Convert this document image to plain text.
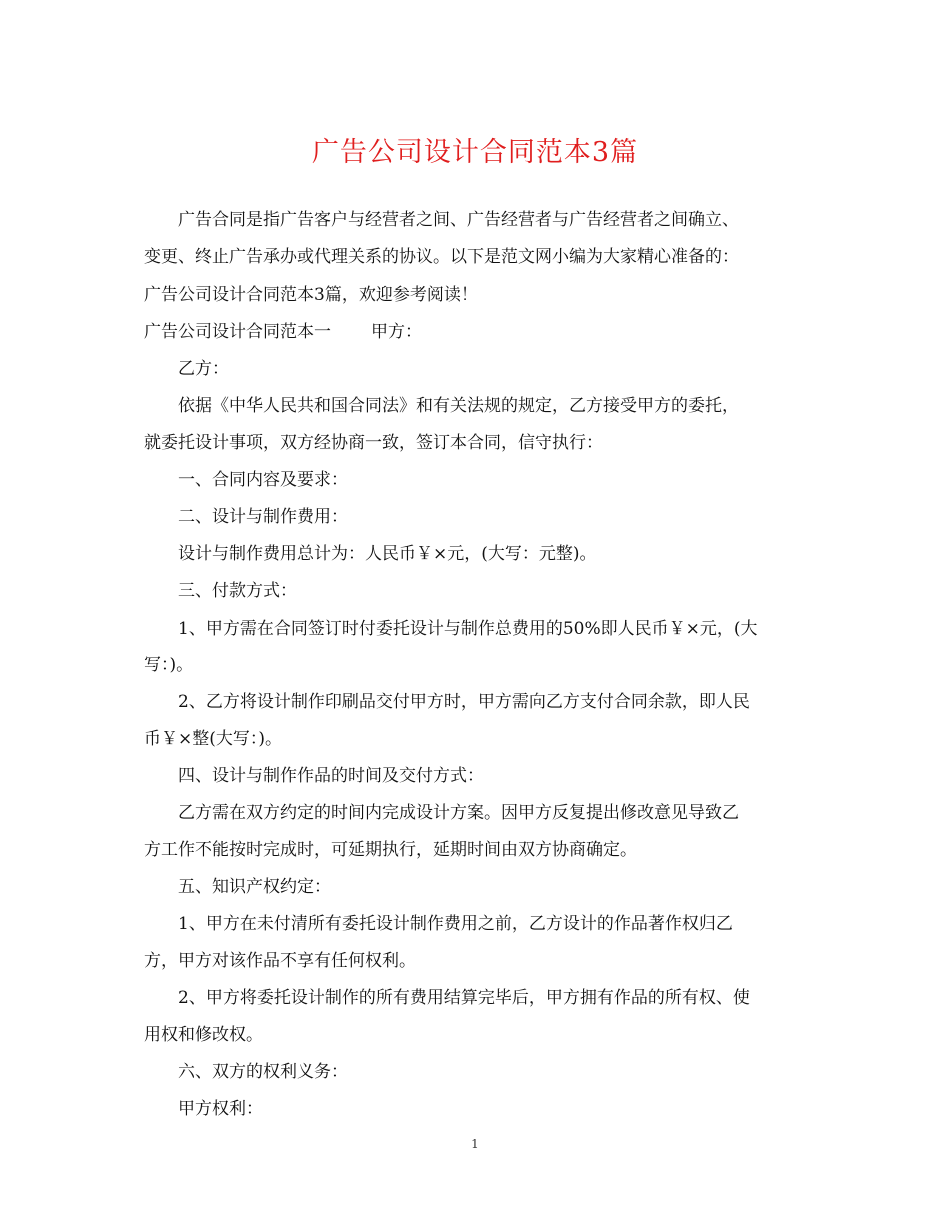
广告公司设计合同范本3篇
广告合同是指广告客户与经营者之间、广告经营者与广告经营者之间确立、
变更、终止广告承办或代理关系的协议。以下是范文网小编为大家精心准备的：
广告公司设计合同范本3篇，欢迎参考阅读！
广告公司设计合同范本一 甲方：
乙方：
依据《中华人民共和国合同法》和有关法规的规定，乙方接受甲方的委托，
就委托设计事项，双方经协商一致，签订本合同，信守执行：
一、合同内容及要求：
二、设计与制作费用：
设计与制作费用总计为：人民币￥×元，(大写：元整)。
三、付款方式：
1、甲方需在合同签订时付委托设计与制作总费用的50%即人民币￥×元，(大
写：)。
2、乙方将设计制作印刷品交付甲方时，甲方需向乙方支付合同余款，即人民
币￥×整(大写：)。
四、设计与制作作品的时间及交付方式：
乙方需在双方约定的时间内完成设计方案。因甲方反复提出修改意见导致乙
方工作不能按时完成时，可延期执行，延期时间由双方协商确定。
五、知识产权约定：
1、甲方在未付清所有委托设计制作费用之前，乙方设计的作品著作权归乙
方，甲方对该作品不享有任何权利。
2、甲方将委托设计制作的所有费用结算完毕后，甲方拥有作品的所有权、使
用权和修改权。
六、双方的权利义务：
甲方权利：
1
